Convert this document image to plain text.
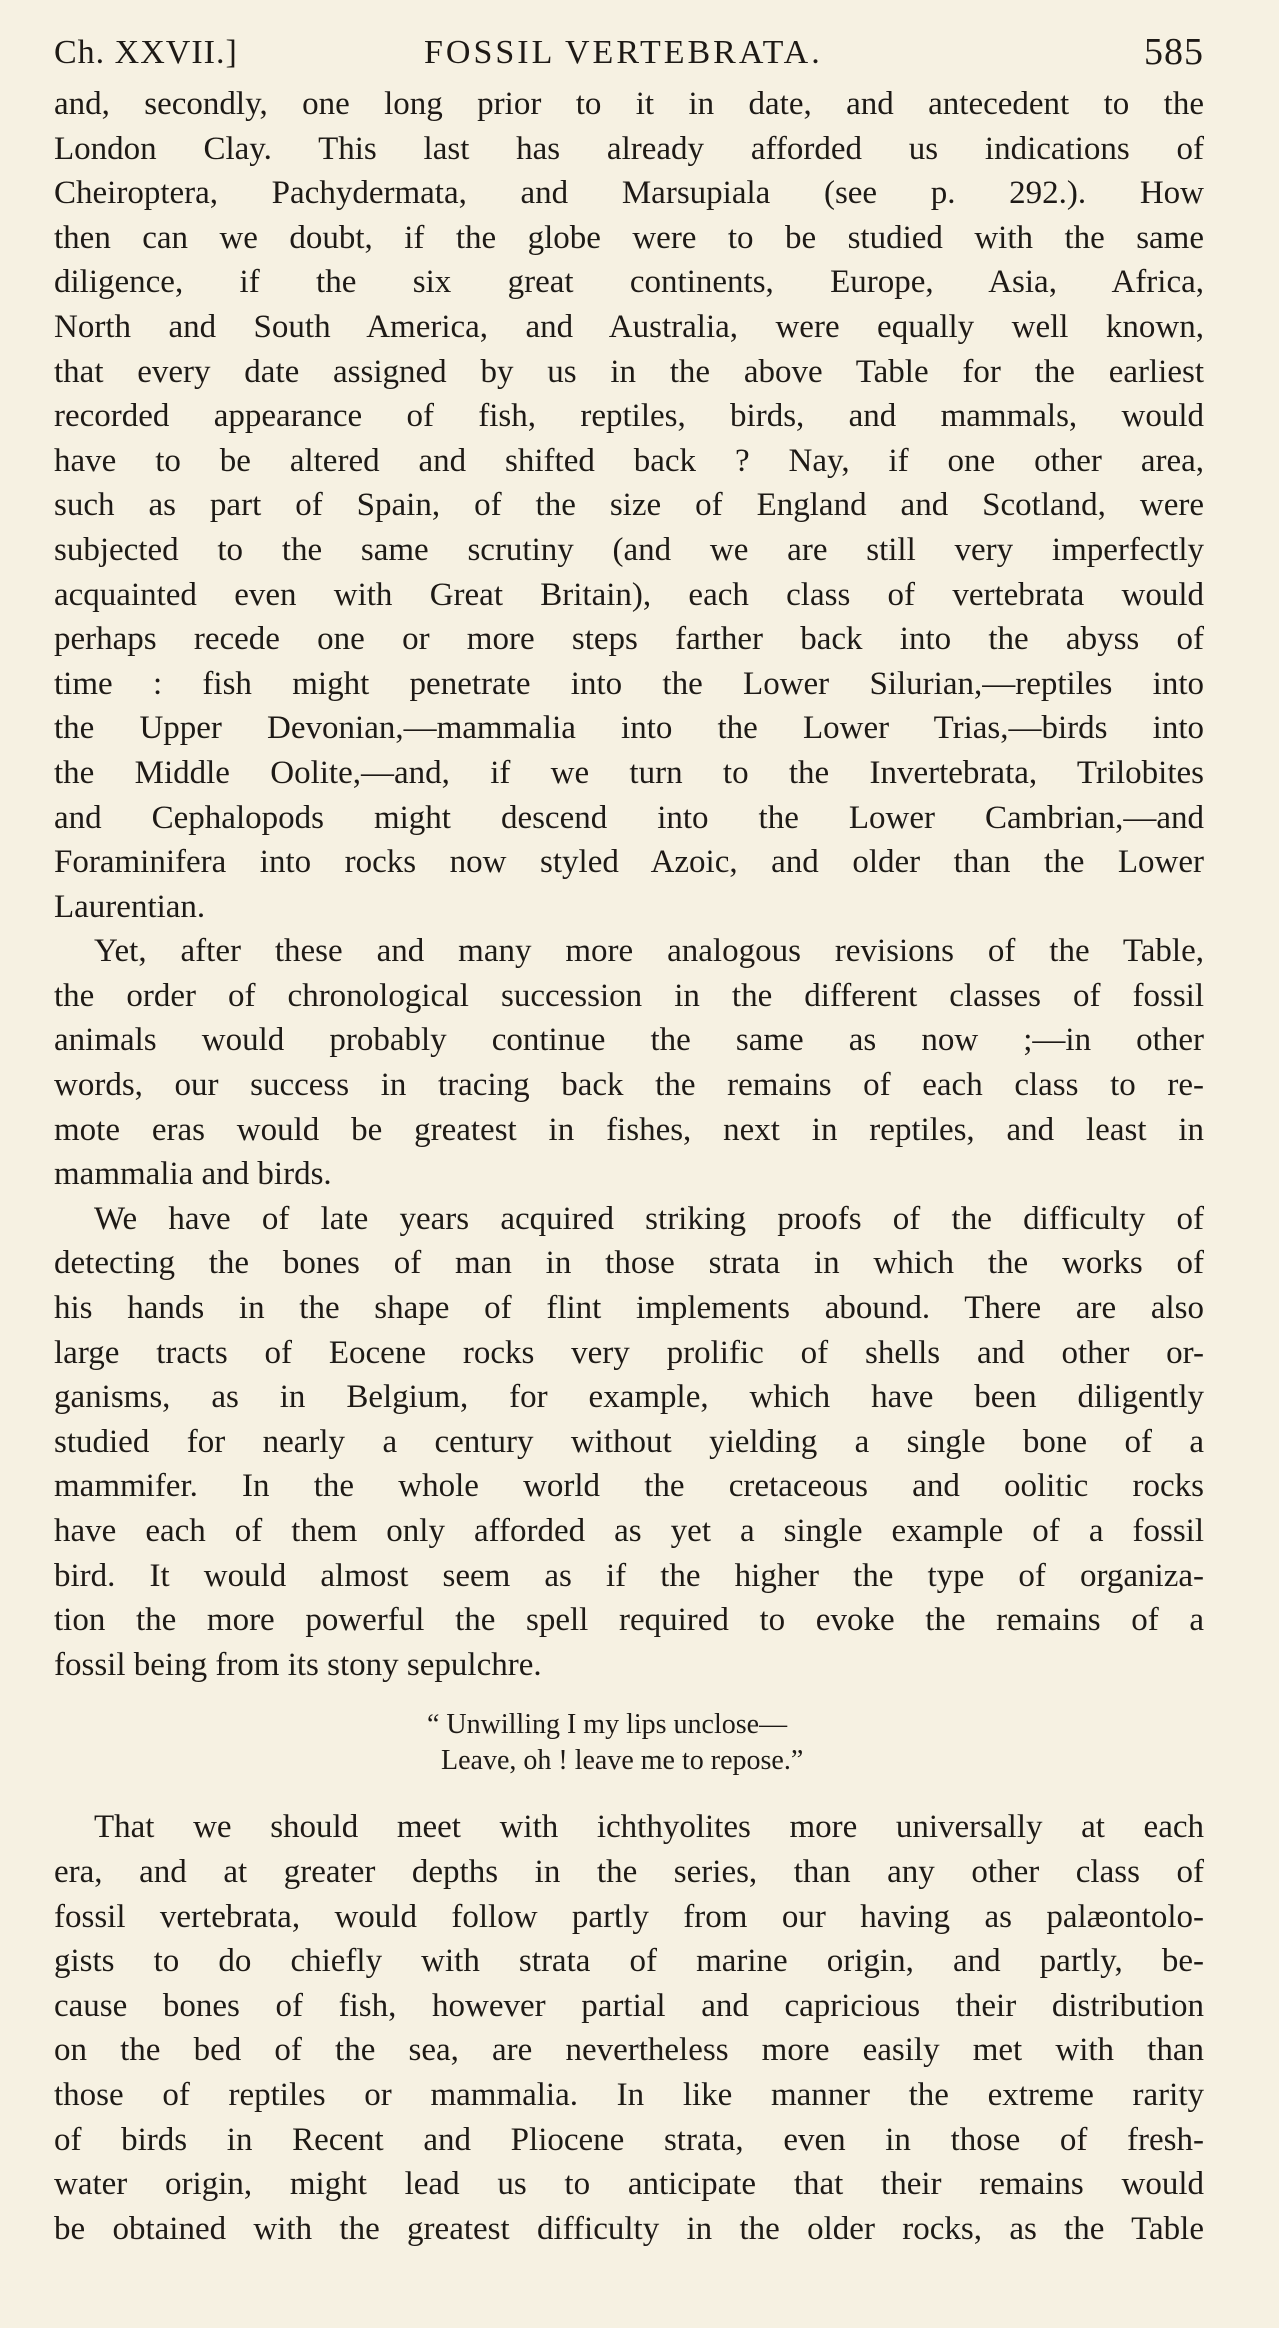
Ch. XXVII.]	FOSSIL VERTEBRATA.	585
and, secondly, one long prior to it in date, and antecedent to the
London Clay. This last has already afforded us indications of
Cheiroptera, Pachydermata, and Marsupiala (see p. 292.). How
then can we doubt, if the globe were to be studied with the same
diligence, if the six great continents, Europe, Asia, Africa,
North and South America, and Australia, were equally well known,
that every date assigned by us in the above Table for the earliest
recorded appearance of fish, reptiles, birds, and mammals, would
have to be altered and shifted back ? Nay, if one other area,
such as part of Spain, of the size of England and Scotland, were
subjected to the same scrutiny (and we are still very imperfectly
acquainted even with Great Britain), each class of vertebrata would
perhaps recede one or more steps farther back into the abyss of
time : fish might penetrate into the Lower Silurian,—reptiles into
the Upper Devonian,—mammalia into the Lower Trias,—birds into
the Middle Oolite,—and, if we turn to the Invertebrata, Trilobites
and Cephalopods might descend into the Lower Cambrian,—and
Foraminifera into rocks now styled Azoic, and older than the Lower
Laurentian.
Yet, after these and many more analogous revisions of the Table,
the order of chronological succession in the different classes of fossil
animals would probably continue the same as now ;—in other
words, our success in tracing back the remains of each class to re-
mote eras would be greatest in fishes, next in reptiles, and least in
mammalia and birds.
We have of late years acquired striking proofs of the difficulty of
detecting the bones of man in those strata in which the works of
his hands in the shape of flint implements abound. There are also
large tracts of Eocene rocks very prolific of shells and other or-
ganisms, as in Belgium, for example, which have been diligently
studied for nearly a century without yielding a single bone of a
mammifer. In the whole world the cretaceous and oolitic rocks
have each of them only afforded as yet a single example of a fossil
bird. It would almost seem as if the higher the type of organiza-
tion the more powerful the spell required to evoke the remains of a
fossil being from its stony sepulchre.
“ Unwilling I my lips unclose—
Leave, oh ! leave me to repose.”
That we should meet with ichthyolites more universally at each
era, and at greater depths in the series, than any other class of
fossil vertebrata, would follow partly from our having as palæontolo-
gists to do chiefly with strata of marine origin, and partly, be-
cause bones of fish, however partial and capricious their distribution
on the bed of the sea, are nevertheless more easily met with than
those of reptiles or mammalia. In like manner the extreme rarity
of birds in Recent and Pliocene strata, even in those of fresh-
water origin, might lead us to anticipate that their remains would
be obtained with the greatest difficulty in the older rocks, as the Table
